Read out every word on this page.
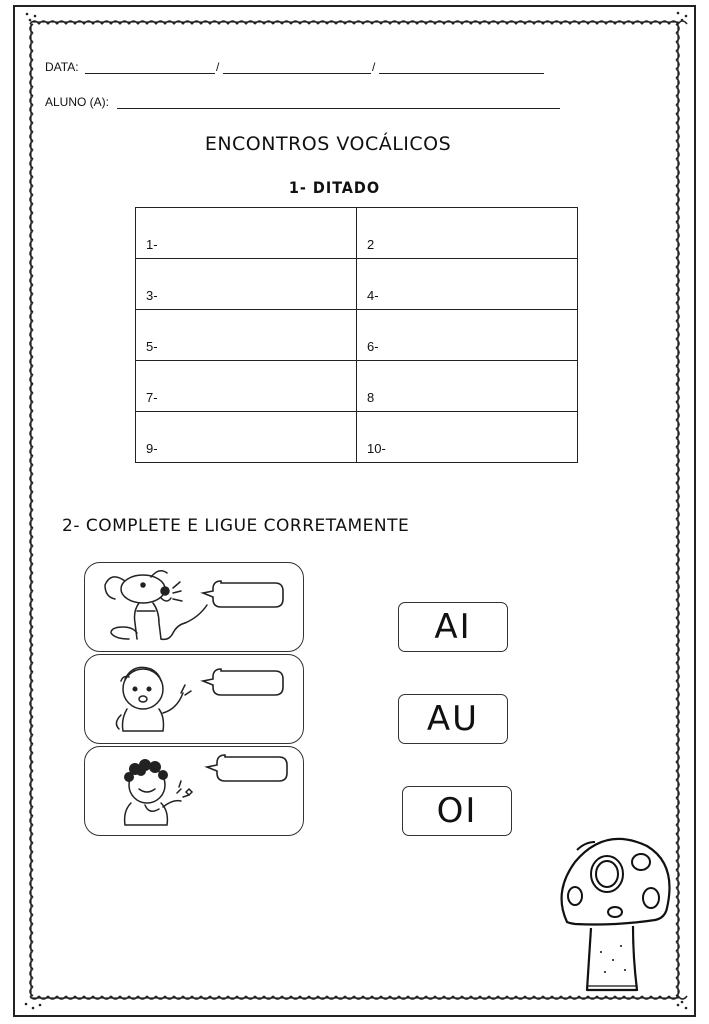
DATA:	/	/
ALUNO (A):
ENCONTROS VOCÁLICOS
1- DITADO
1-	2
3-	4-
5-	6-
7-	8
9-	10-
2- COMPLETE E LIGUE CORRETAMENTE
AI
AU
OI
